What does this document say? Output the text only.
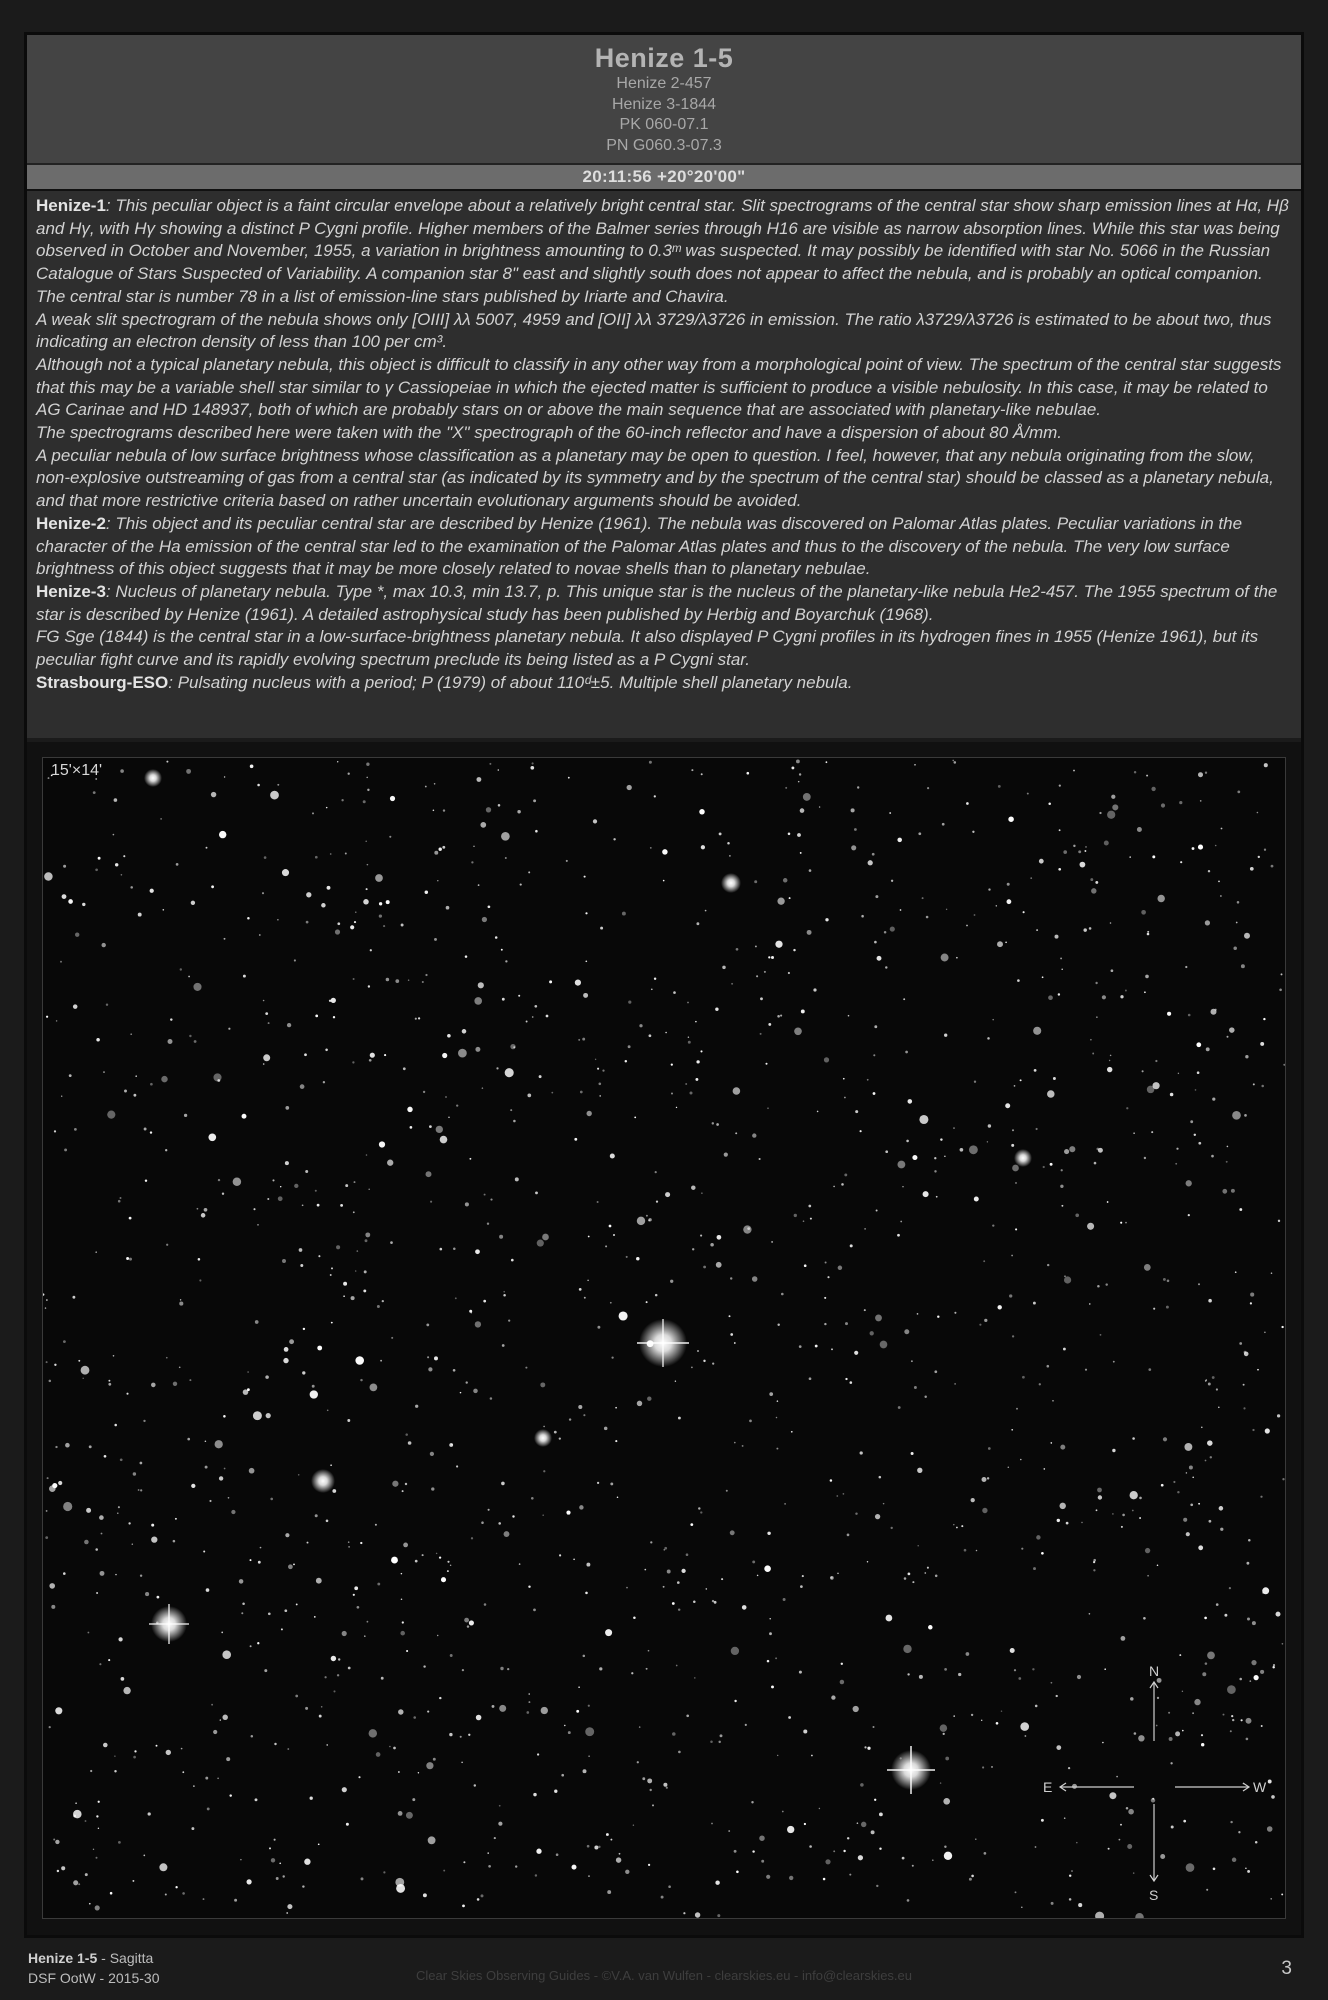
Henize 1-5
Henize 2-457
Henize 3-1844
PK 060-07.1
PN G060.3-07.3
20:11:56 +20°20'00"

Henize-1: This peculiar object is a faint circular envelope about a relatively bright central star. Slit spectrograms of the central star show sharp emission lines at Hα, Hβ and Hγ, with Hγ showing a distinct P Cygni profile. Higher members of the Balmer series through H16 are visible as narrow absorption lines. While this star was being observed in October and November, 1955, a variation in brightness amounting to 0.3ᵐ was suspected. It may possibly be identified with star No. 5066 in the Russian Catalogue of Stars Suspected of Variability. A companion star 8" east and slightly south does not appear to affect the nebula, and is probably an optical companion. The central star is number 78 in a list of emission-line stars published by Iriarte and Chavira.

A weak slit spectrogram of the nebula shows only [OIII] λλ 5007, 4959 and [OII] λλ 3729/λ3726 in emission. The ratio λ3729/λ3726 is estimated to be about two, thus indicating an electron density of less than 100 per cm³.

Although not a typical planetary nebula, this object is difficult to classify in any other way from a morphological point of view. The spectrum of the central star suggests that this may be a variable shell star similar to γ Cassiopeiae in which the ejected matter is sufficient to produce a visible nebulosity. In this case, it may be related to AG Carinae and HD 148937, both of which are probably stars on or above the main sequence that are associated with planetary-like nebulae.

The spectrograms described here were taken with the "X" spectrograph of the 60-inch reflector and have a dispersion of about 80 Å/mm.

A peculiar nebula of low surface brightness whose classification as a planetary may be open to question. I feel, however, that any nebula originating from the slow, non-explosive outstreaming of gas from a central star (as indicated by its symmetry and by the spectrum of the central star) should be classed as a planetary nebula, and that more restrictive criteria based on rather uncertain evolutionary arguments should be avoided.

Henize-2: This object and its peculiar central star are described by Henize (1961). The nebula was discovered on Palomar Atlas plates. Peculiar variations in the character of the Ha emission of the central star led to the examination of the Palomar Atlas plates and thus to the discovery of the nebula. The very low surface brightness of this object suggests that it may be more closely related to novae shells than to planetary nebulae.

Henize-3: Nucleus of planetary nebula. Type *, max 10.3, min 13.7, p. This unique star is the nucleus of the planetary-like nebula He2-457. The 1955 spectrum of the star is described by Henize (1961). A detailed astrophysical study has been published by Herbig and Boyarchuk (1968).

FG Sge (1844) is the central star in a low-surface-brightness planetary nebula. It also displayed P Cygni profiles in its hydrogen fines in 1955 (Henize 1961), but its peculiar fight curve and its rapidly evolving spectrum preclude its being listed as a P Cygni star.

Strasbourg-ESO: Pulsating nucleus with a period; P (1979) of about 110ᵈ±5. Multiple shell planetary nebula.

N
S
E	W
15'×14'
Henize 1-5 - Sagitta
DSF OotW - 2015-30	Clear Skies Observing Guides - ©V.A. van Wulfen - clearskies.eu - info@clearskies.eu	3
